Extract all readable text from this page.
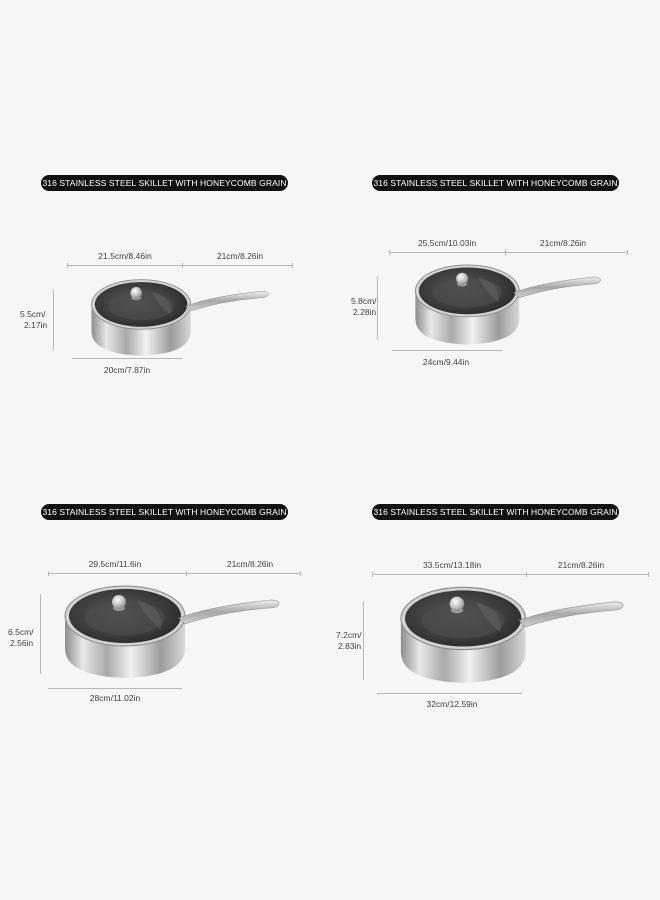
316 STAINLESS STEEL SKILLET WITH HONEYCOMB GRAIN
21.5cm/8.46in	21cm/8.26in
5.5cm/
2.17in
20cm/7.87in
316 STAINLESS STEEL SKILLET WITH HONEYCOMB GRAIN
25.5cm/10.03in	21cm/8.26in
5.8cm/
2.28in
24cm/9.44in
316 STAINLESS STEEL SKILLET WITH HONEYCOMB GRAIN
29.5cm/11.6in	21cm/8.26in
6.5cm/
2.56in
28cm/11.02in
316 STAINLESS STEEL SKILLET WITH HONEYCOMB GRAIN
33.5cm/13.18in	21cm/8.26in
7.2cm/
2.83in
32cm/12.59in
